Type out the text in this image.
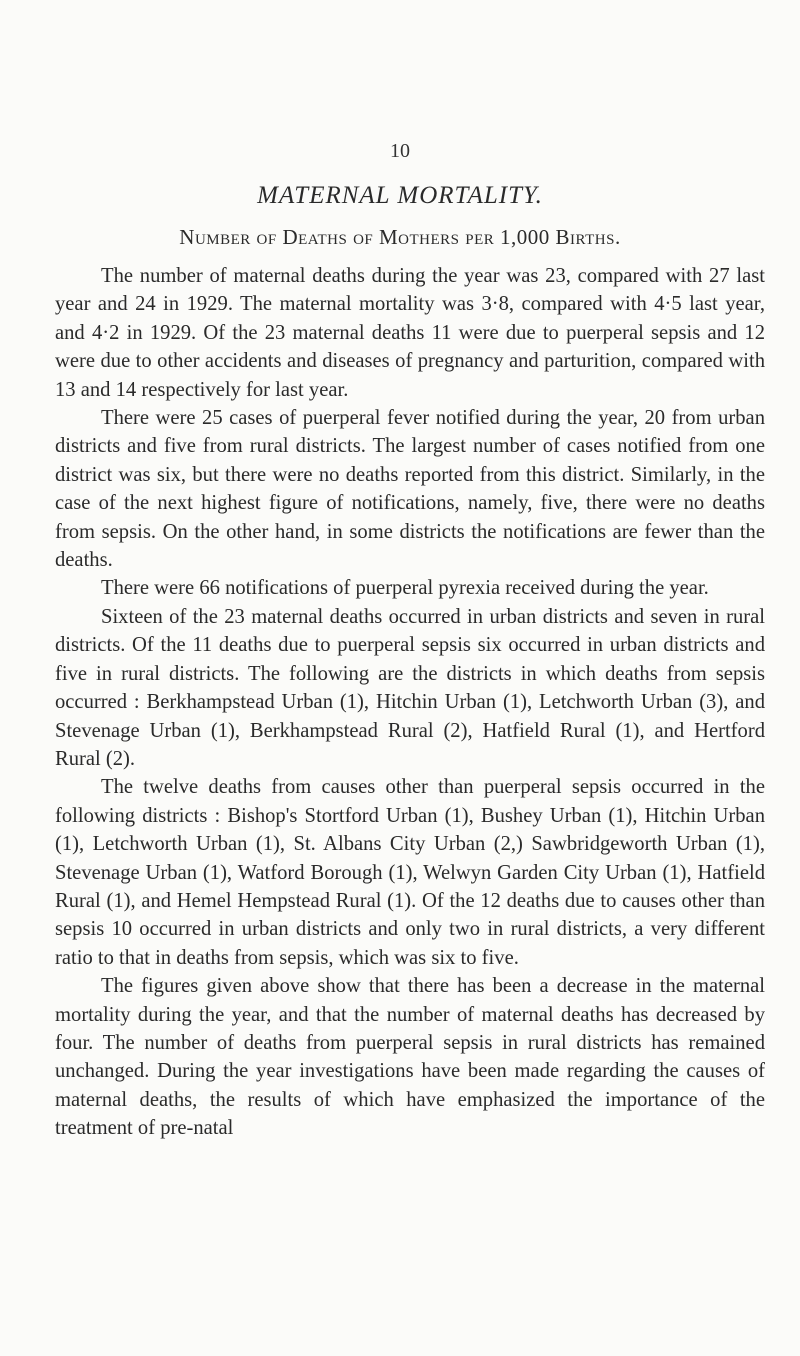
10
MATERNAL MORTALITY.
Number of Deaths of Mothers per 1,000 Births.

The number of maternal deaths during the year was 23, compared with 27 last year and 24 in 1929. The maternal mortality was 3·8, compared with 4·5 last year, and 4·2 in 1929. Of the 23 maternal deaths 11 were due to puerperal sepsis and 12 were due to other accidents and diseases of pregnancy and parturition, compared with 13 and 14 respectively for last year.

There were 25 cases of puerperal fever notified during the year, 20 from urban districts and five from rural districts. The largest number of cases notified from one district was six, but there were no deaths reported from this district. Similarly, in the case of the next highest figure of notifications, namely, five, there were no deaths from sepsis. On the other hand, in some districts the notifications are fewer than the deaths.

There were 66 notifications of puerperal pyrexia received during the year.

Sixteen of the 23 maternal deaths occurred in urban districts and seven in rural districts. Of the 11 deaths due to puerperal sepsis six occurred in urban districts and five in rural districts. The following are the districts in which deaths from sepsis occurred : Berkhampstead Urban (1), Hitchin Urban (1), Letchworth Urban (3), and Stevenage Urban (1), Berkhampstead Rural (2), Hatfield Rural (1), and Hertford Rural (2).

The twelve deaths from causes other than puerperal sepsis occurred in the following districts : Bishop's Stortford Urban (1), Bushey Urban (1), Hitchin Urban (1), Letchworth Urban (1), St. Albans City Urban (2,) Sawbridgeworth Urban (1), Stevenage Urban (1), Watford Borough (1), Welwyn Garden City Urban (1), Hatfield Rural (1), and Hemel Hempstead Rural (1). Of the 12 deaths due to causes other than sepsis 10 occurred in urban districts and only two in rural districts, a very different ratio to that in deaths from sepsis, which was six to five.

The figures given above show that there has been a decrease in the maternal mortality during the year, and that the number of maternal deaths has decreased by four. The number of deaths from puerperal sepsis in rural districts has remained unchanged. During the year investigations have been made regarding the causes of maternal deaths, the results of which have emphasized the importance of the treatment of pre-natal
